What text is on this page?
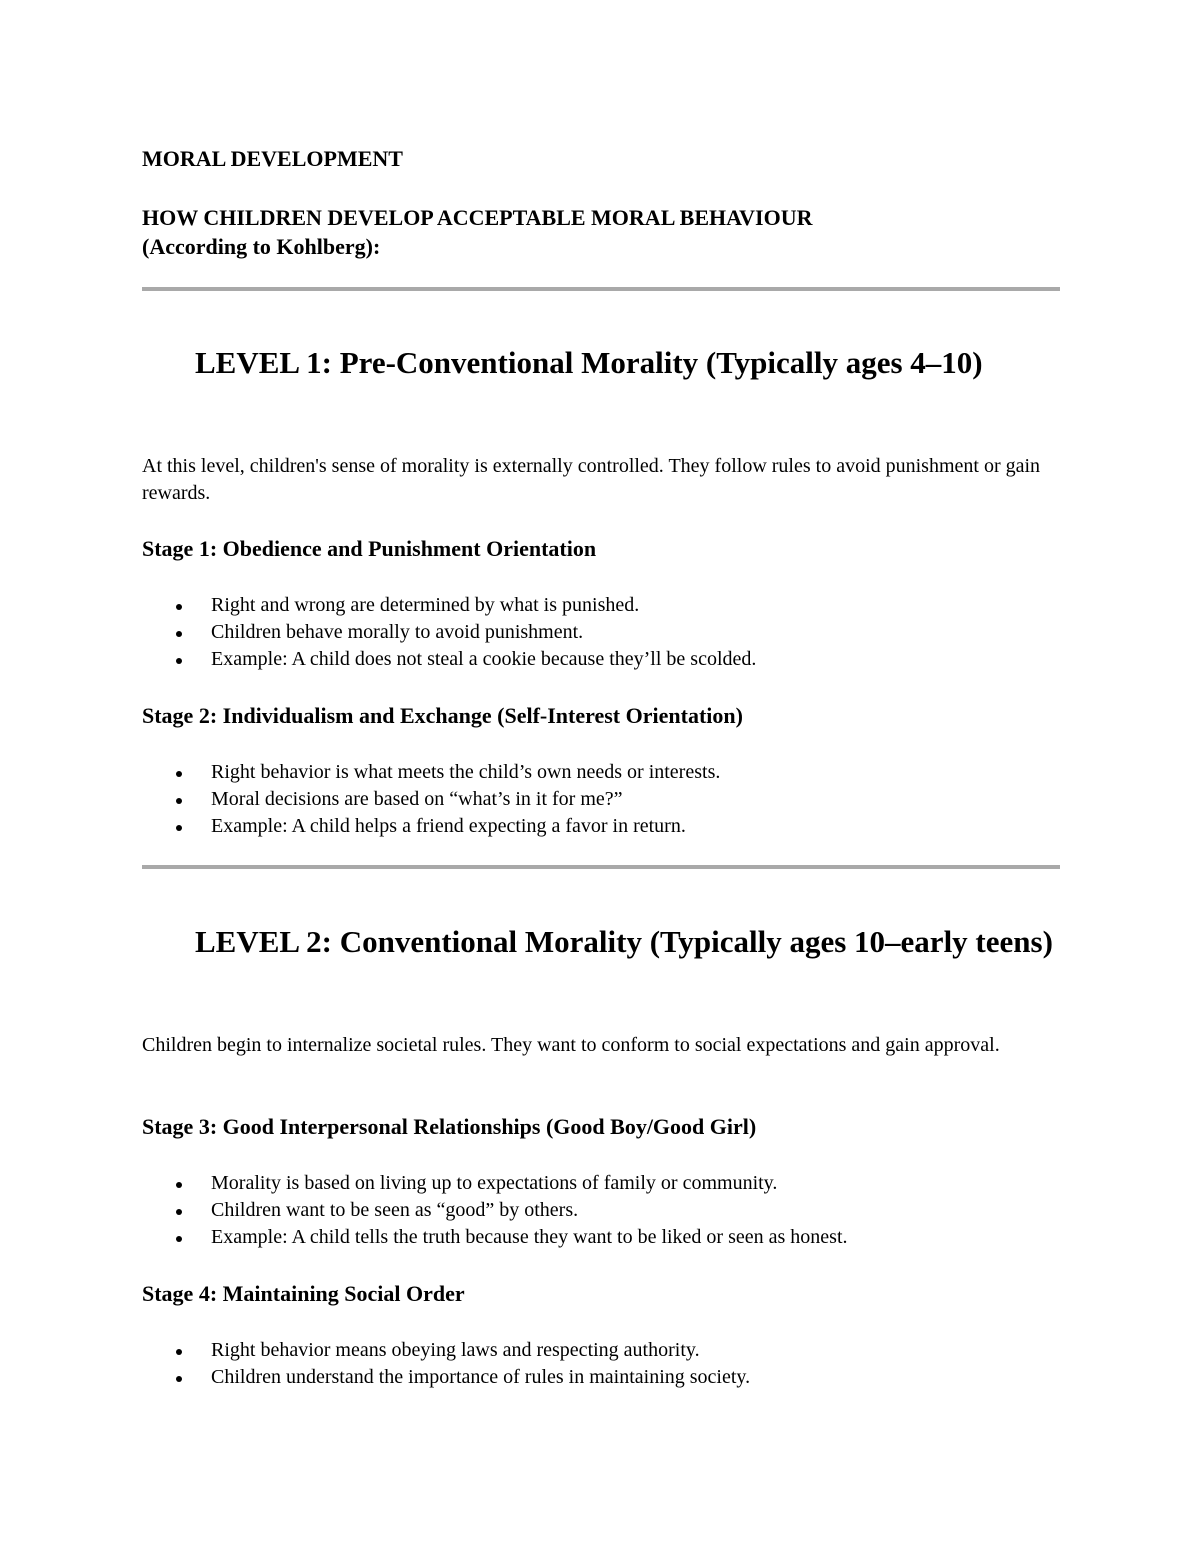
MORAL DEVELOPMENT

HOW CHILDREN DEVELOP ACCEPTABLE MORAL BEHAVIOUR
(According to Kohlberg):

LEVEL 1: Pre-Conventional Morality (Typically ages 4–10)

At this level, children's sense of morality is externally controlled. They follow rules to avoid punishment or gain rewards.

Stage 1: Obedience and Punishment Orientation
Right and wrong are determined by what is punished.
Children behave morally to avoid punishment.
Example: A child does not steal a cookie because they’ll be scolded.
Stage 2: Individualism and Exchange (Self-Interest Orientation)
Right behavior is what meets the child’s own needs or interests.
Moral decisions are based on “what’s in it for me?”
Example: A child helps a friend expecting a favor in return.
LEVEL 2: Conventional Morality (Typically ages 10–early teens)

Children begin to internalize societal rules. They want to conform to social expectations and gain approval.

Stage 3: Good Interpersonal Relationships (Good Boy/Good Girl)
Morality is based on living up to expectations of family or community.
Children want to be seen as “good” by others.
Example: A child tells the truth because they want to be liked or seen as honest.
Stage 4: Maintaining Social Order
Right behavior means obeying laws and respecting authority.
Children understand the importance of rules in maintaining society.
